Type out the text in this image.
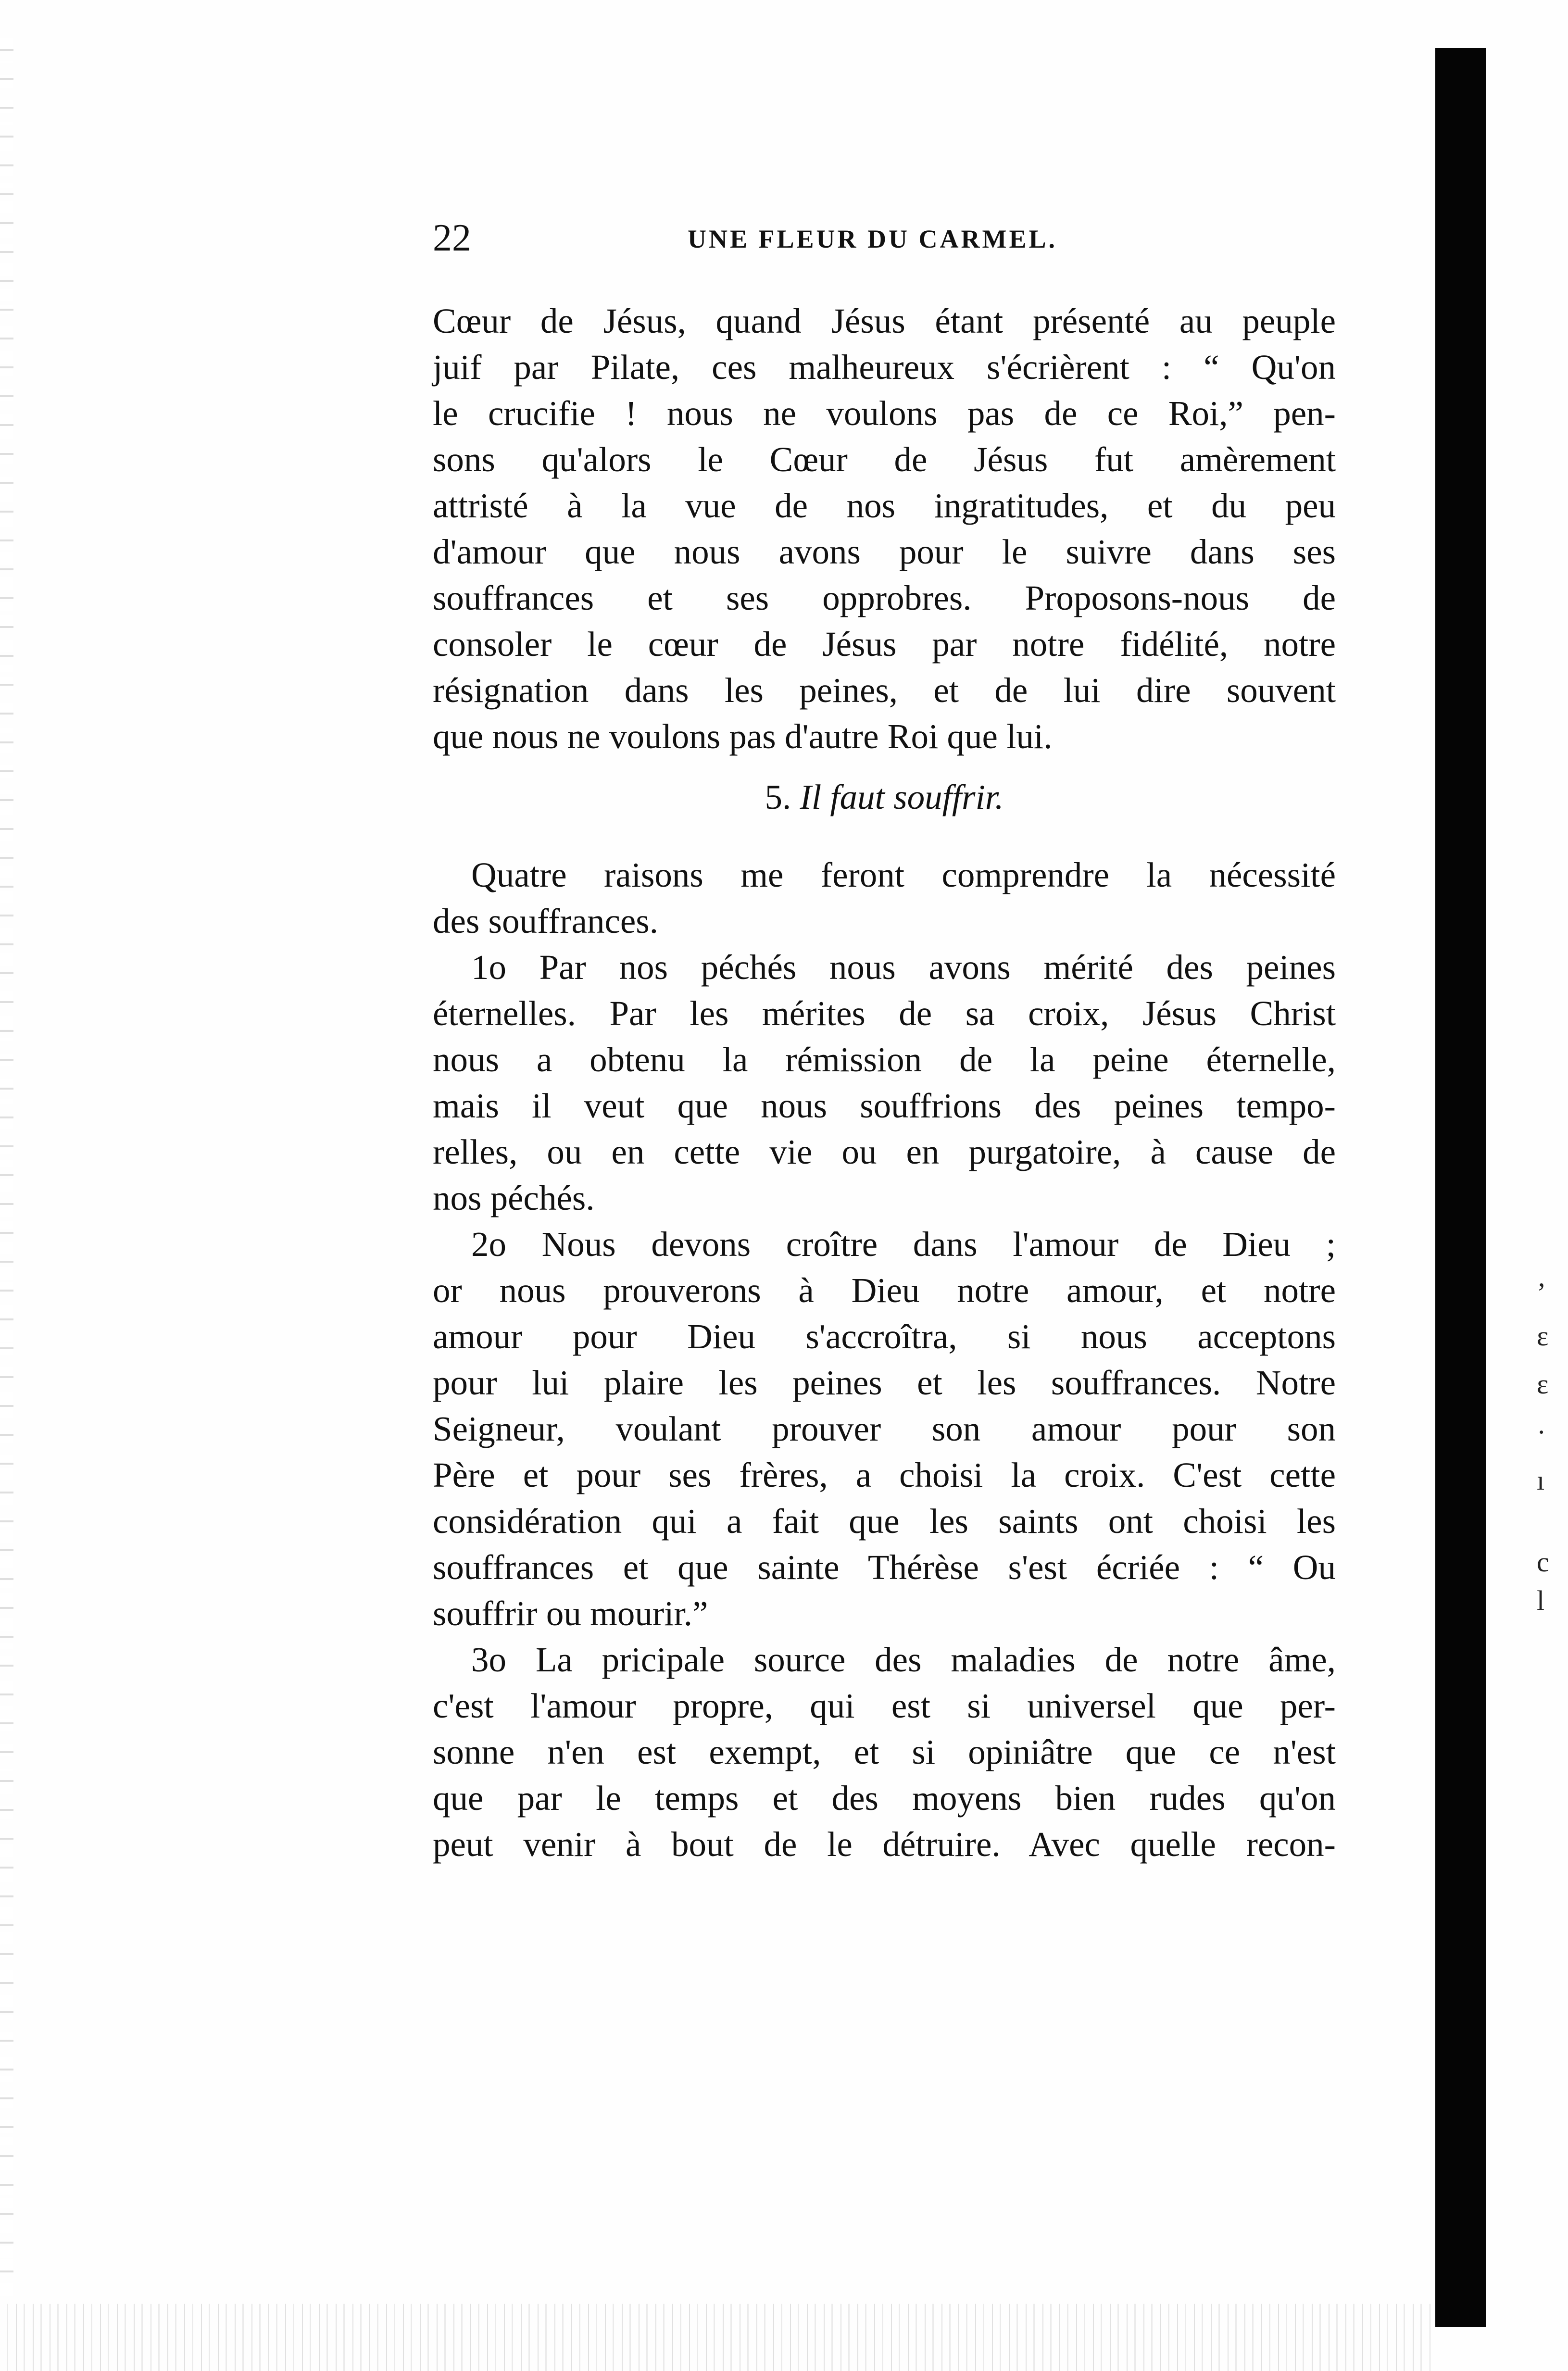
ʼ
ɛ
ɛ
·
ı
c
l
22	UNE FLEUR DU CARMEL.
Cœur de Jésus, quand Jésus étant présenté au peuple
juif par Pilate, ces malheureux s'écrièrent : “ Qu'on
le crucifie ! nous ne voulons pas de ce Roi,” pen-
sons qu'alors le Cœur de Jésus fut amèrement
attristé à la vue de nos ingratitudes, et du peu
d'amour que nous avons pour le suivre dans ses
souffrances et ses opprobres. Proposons-nous de
consoler le cœur de Jésus par notre fidélité, notre
résignation dans les peines, et de lui dire souvent
que nous ne voulons pas d'autre Roi que lui.
5. Il faut souffrir.
Quatre raisons me feront comprendre la nécessité
des souffrances.
1o Par nos péchés nous avons mérité des peines
éternelles. Par les mérites de sa croix, Jésus Christ
nous a obtenu la rémission de la peine éternelle,
mais il veut que nous souffrions des peines tempo-
relles, ou en cette vie ou en purgatoire, à cause de
nos péchés.
2o Nous devons croître dans l'amour de Dieu ;
or nous prouverons à Dieu notre amour, et notre
amour pour Dieu s'accroîtra, si nous acceptons
pour lui plaire les peines et les souffrances. Notre
Seigneur, voulant prouver son amour pour son
Père et pour ses frères, a choisi la croix. C'est cette
considération qui a fait que les saints ont choisi les
souffrances et que sainte Thérèse s'est écriée : “ Ou
souffrir ou mourir.”
3o La pricipale source des maladies de notre âme,
c'est l'amour propre, qui est si universel que per-
sonne n'en est exempt, et si opiniâtre que ce n'est
que par le temps et des moyens bien rudes qu'on
peut venir à bout de le détruire. Avec quelle recon-
